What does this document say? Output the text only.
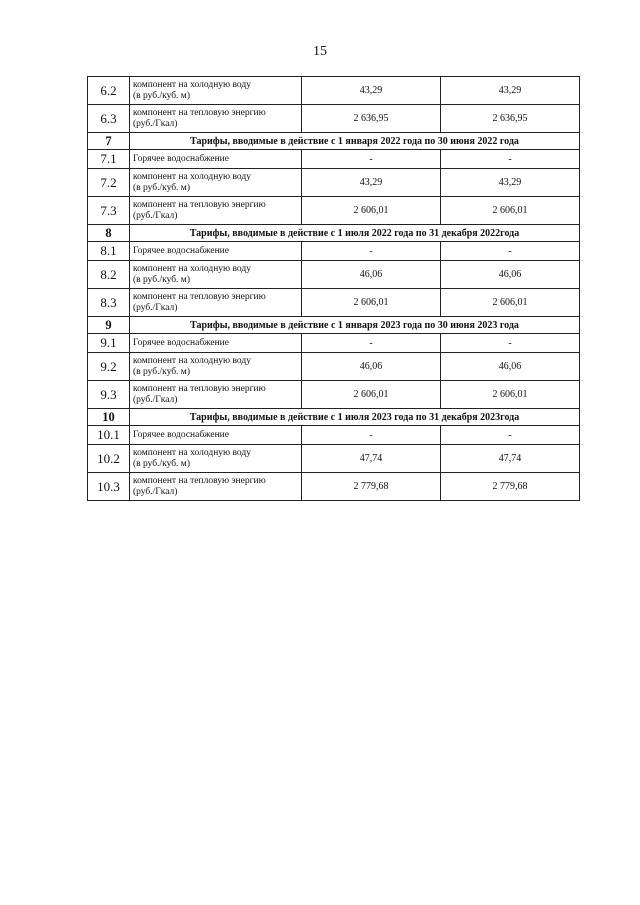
15
6.2	компонент на холодную воду
(в руб./куб. м)	43,29	43,29
6.3	компонент на тепловую энергию
(руб./Гкал)	2 636,95	2 636,95
7	Тарифы, вводимые в действие с 1 января 2022 года по 30 июня 2022 года		
7.1	Горячее водоснабжение	-	-
7.2	компонент на холодную воду
(в руб./куб. м)	43,29	43,29
7.3	компонент на тепловую энергию
(руб./Гкал)	2 606,01	2 606,01
8	Тарифы, вводимые в действие с 1 июля 2022 года по 31 декабря 2022года		
8.1	Горячее водоснабжение	-	-
8.2	компонент на холодную воду
(в руб./куб. м)	46,06	46,06
8.3	компонент на тепловую энергию
(руб./Гкал)	2 606,01	2 606,01
9	Тарифы, вводимые в действие с 1 января 2023 года по 30 июня 2023 года		
9.1	Горячее водоснабжение	-	-
9.2	компонент на холодную воду
(в руб./куб. м)	46,06	46,06
9.3	компонент на тепловую энергию
(руб./Гкал)	2 606,01	2 606,01
10	Тарифы, вводимые в действие с 1 июля 2023 года по 31 декабря 2023года		
10.1	Горячее водоснабжение	-	-
10.2	компонент на холодную воду
(в руб./куб. м)	47,74	47,74
10.3	компонент на тепловую энергию
(руб./Гкал)	2 779,68	2 779,68
